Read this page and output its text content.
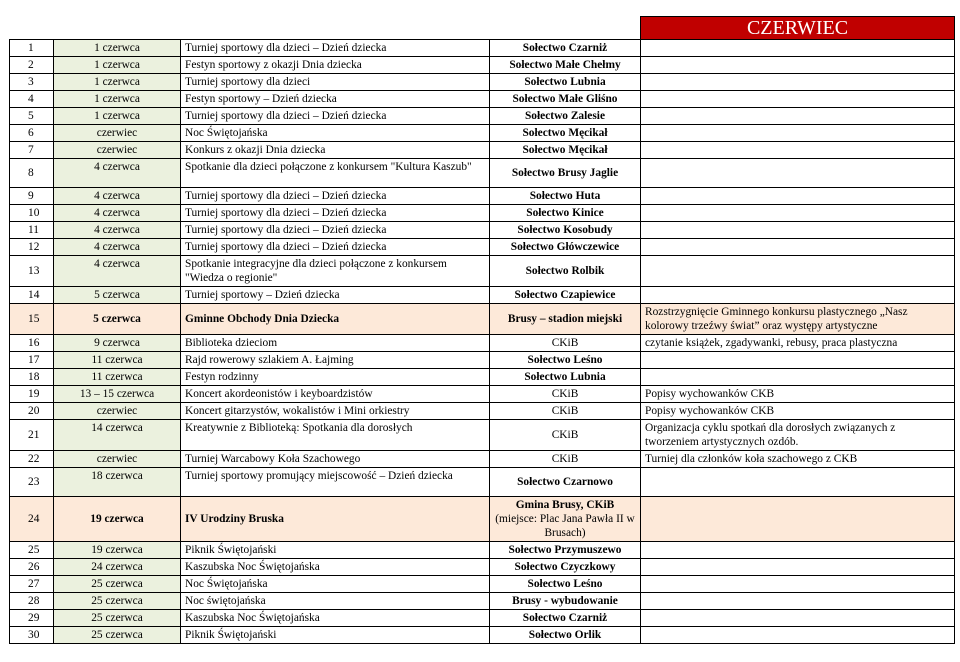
				CZERWIEC
1	1 czerwca	Turniej sportowy dla dzieci – Dzień dziecka	Sołectwo Czarniż	
2	1 czerwca	Festyn sportowy z okazji Dnia dziecka	Sołectwo Małe Chełmy	
3	1 czerwca	Turniej sportowy dla dzieci	Sołectwo Lubnia	
4	1 czerwca	Festyn sportowy – Dzień dziecka	Sołectwo Małe Gliśno	
5	1 czerwca	Turniej sportowy dla dzieci – Dzień dziecka	Sołectwo Zalesie	
6	czerwiec	Noc Świętojańska	Sołectwo Męcikał	
7	czerwiec	Konkurs z okazji Dnia dziecka	Sołectwo Męcikał	
8	4 czerwca	Spotkanie dla dzieci połączone z konkursem "Kultura Kaszub"	Sołectwo Brusy Jaglie	
9	4 czerwca	Turniej sportowy dla dzieci – Dzień dziecka	Sołectwo Huta	
10	4 czerwca	Turniej sportowy dla dzieci – Dzień dziecka	Sołectwo Kinice	
11	4 czerwca	Turniej sportowy dla dzieci – Dzień dziecka	Sołectwo Kosobudy	
12	4 czerwca	Turniej sportowy dla dzieci – Dzień dziecka	Sołectwo Główczewice	
13	4 czerwca	Spotkanie integracyjne dla dzieci połączone z konkursem "Wiedza o regionie"	Sołectwo Rolbik	
14	5 czerwca	Turniej sportowy – Dzień dziecka	Sołectwo Czapiewice	
15	5 czerwca	Gminne Obchody Dnia Dziecka	Brusy – stadion miejski	Rozstrzygnięcie Gminnego konkursu plastycznego „Nasz kolorowy trzeźwy świat” oraz występy artystyczne
16	9 czerwca	Biblioteka dzieciom	CKiB	czytanie książek, zgadywanki, rebusy, praca plastyczna
17	11 czerwca	Rajd rowerowy szlakiem A. Łajming	Sołectwo Leśno	
18	11 czerwca	Festyn rodzinny	Sołectwo Lubnia	
19	13 – 15 czerwca	Koncert akordeonistów i keyboardzistów	CKiB	Popisy wychowanków CKB
20	czerwiec	Koncert gitarzystów, wokalistów i Mini orkiestry	CKiB	Popisy wychowanków CKB
21	14 czerwca	Kreatywnie z Biblioteką: Spotkania dla dorosłych	CKiB	Organizacja cyklu spotkań dla dorosłych związanych z tworzeniem artystycznych ozdób.
22	czerwiec	Turniej Warcabowy Koła Szachowego	CKiB	Turniej dla członków koła szachowego z CKB
23	18 czerwca	Turniej sportowy promujący miejscowość – Dzień dziecka	Sołectwo Czarnowo	
24	19 czerwca	IV Urodziny Bruska	Gmina Brusy, CKiB
(miejsce: Plac Jana Pawła II w Brusach)	
25	19 czerwca	Piknik Świętojański	Sołectwo Przymuszewo	
26	24 czerwca	Kaszubska Noc Świętojańska	Sołectwo Czyczkowy	
27	25 czerwca	Noc Świętojańska	Sołectwo Leśno	
28	25 czerwca	Noc świętojańska	Brusy - wybudowanie	
29	25 czerwca	Kaszubska Noc Świętojańska	Sołectwo Czarniż	
30	25 czerwca	Piknik Świętojański	Sołectwo Orlik	
